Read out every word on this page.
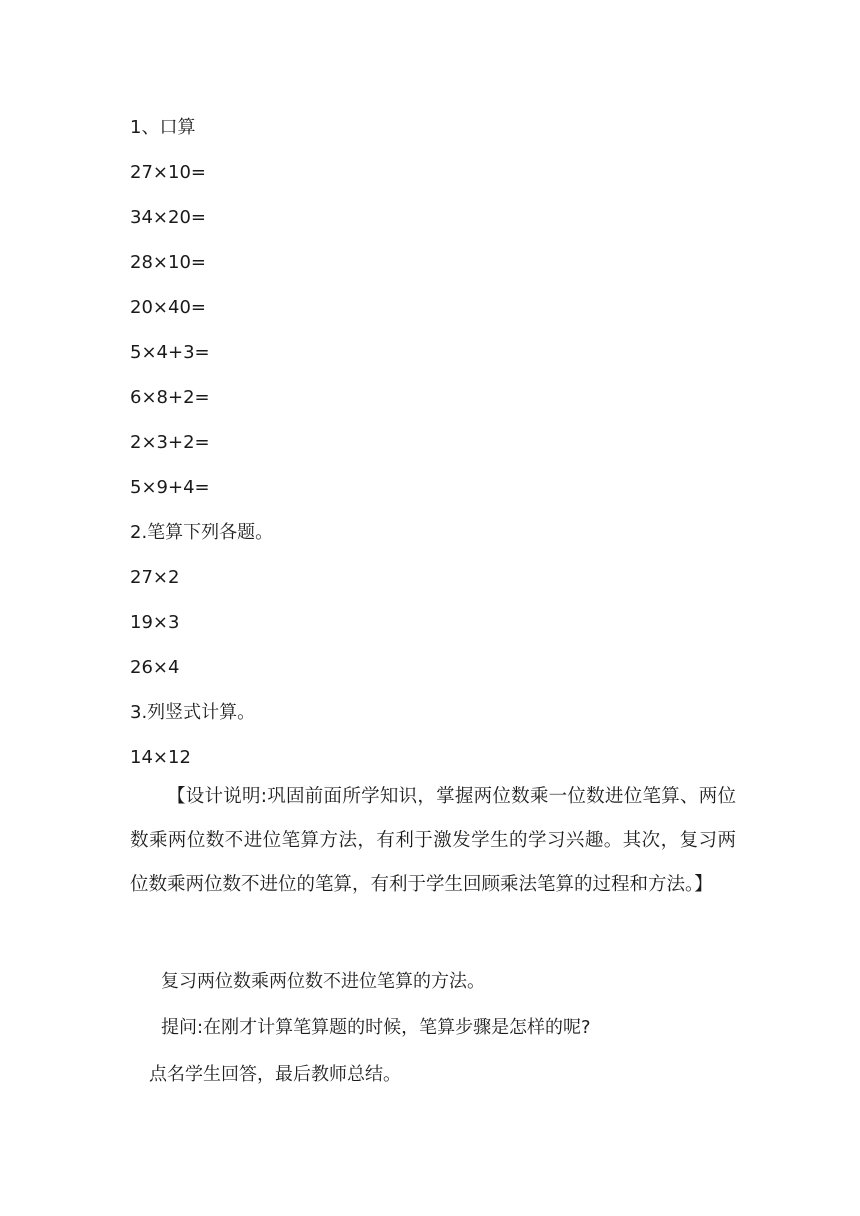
1、口算
27×10=
34×20=
28×10=
20×40=
5×4+3=
6×8+2=
2×3+2=
5×9+4=
2.笔算下列各题。
27×2
19×3
26×4
3.列竖式计算。
14×12
【设计说明:巩固前面所学知识，掌握两位数乘一位数进位笔算、两位数乘两位数不进位笔算方法，有利于激发学生的学习兴趣。其次，复习两位数乘两位数不进位的笔算，有利于学生回顾乘法笔算的过程和方法。】
复习两位数乘两位数不进位笔算的方法。
提问:在刚才计算笔算题的时候，笔算步骤是怎样的呢?
点名学生回答，最后教师总结。
